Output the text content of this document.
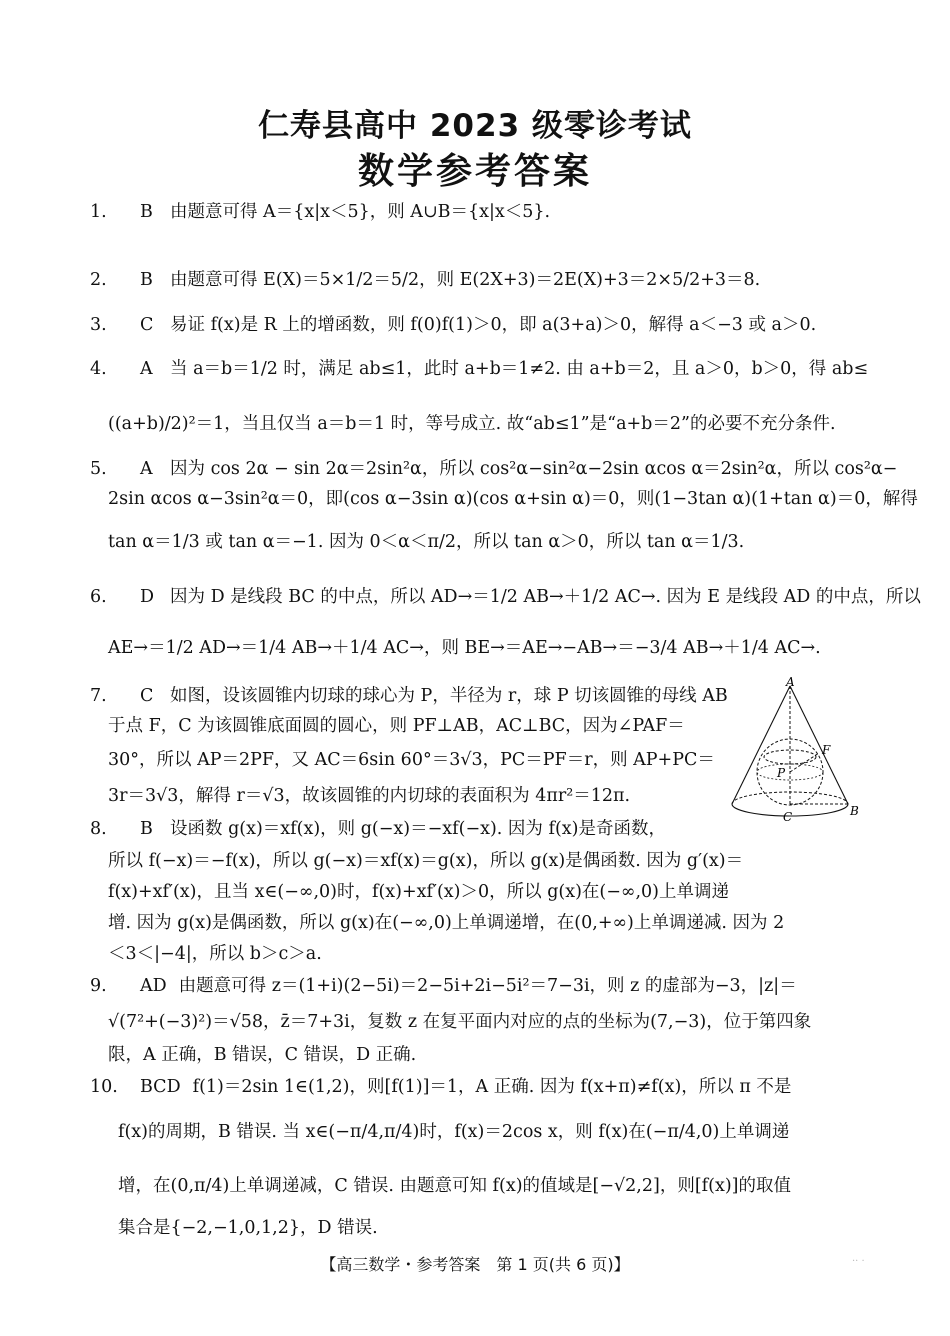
仁寿县高中 2023 级零诊考试
数学参考答案
1. B 由题意可得 A＝{x|x＜5}，则 A∪B＝{x|x＜5}.
2. B 由题意可得 E(X)＝5×1/2＝5/2，则 E(2X+3)＝2E(X)+3＝2×5/2+3＝8.
3. C 易证 f(x)是 R 上的增函数，则 f(0)f(1)＞0，即 a(3+a)＞0，解得 a＜−3 或 a＞0.
4. A 当 a＝b＝1/2 时，满足 ab≤1，此时 a+b＝1≠2. 由 a+b＝2，且 a＞0，b＞0，得 ab≤
((a+b)/2)²＝1，当且仅当 a＝b＝1 时，等号成立. 故“ab≤1”是“a+b＝2”的必要不充分条件.
5. A 因为 cos 2α − sin 2α＝2sin²α，所以 cos²α−sin²α−2sin αcos α＝2sin²α，所以 cos²α−
2sin αcos α−3sin²α＝0，即(cos α−3sin α)(cos α+sin α)＝0，则(1−3tan α)(1+tan α)＝0，解得
tan α＝1/3 或 tan α＝−1. 因为 0＜α＜π/2，所以 tan α＞0，所以 tan α＝1/3.
6. D 因为 D 是线段 BC 的中点，所以 AD→＝1/2 AB→＋1/2 AC→. 因为 E 是线段 AD 的中点，所以
AE→＝1/2 AD→＝1/4 AB→＋1/4 AC→，则 BE→＝AE→−AB→＝−3/4 AB→＋1/4 AC→.
7. C 如图，设该圆锥内切球的球心为 P，半径为 r，球 P 切该圆锥的母线 AB
于点 F，C 为该圆锥底面圆的圆心，则 PF⊥AB，AC⊥BC，因为∠PAF＝
30°，所以 AP＝2PF，又 AC＝6sin 60°＝3√3，PC＝PF＝r，则 AP+PC＝
3r＝3√3，解得 r＝√3，故该圆锥的内切球的表面积为 4πr²＝12π.
A
F
P
C	B
8. B 设函数 g(x)＝xf(x)，则 g(−x)＝−xf(−x). 因为 f(x)是奇函数，
所以 f(−x)＝−f(x)，所以 g(−x)＝xf(x)＝g(x)，所以 g(x)是偶函数. 因为 g′(x)＝
f(x)+xf′(x)，且当 x∈(−∞,0)时，f(x)+xf′(x)＞0，所以 g(x)在(−∞,0)上单调递
增. 因为 g(x)是偶函数，所以 g(x)在(−∞,0)上单调递增，在(0,+∞)上单调递减. 因为 2
＜3＜|−4|，所以 b＞c＞a.
9. AD 由题意可得 z＝(1+i)(2−5i)＝2−5i+2i−5i²＝7−3i，则 z 的虚部为−3，|z|＝
√(7²+(−3)²)＝√58，z̄＝7+3i，复数 z 在复平面内对应的点的坐标为(7,−3)，位于第四象
限，A 正确，B 错误，C 错误，D 正确.
10. BCD f(1)＝2sin 1∈(1,2)，则[f(1)]＝1，A 正确. 因为 f(x+π)≠f(x)，所以 π 不是
f(x)的周期，B 错误. 当 x∈(−π/4,π/4)时，f(x)＝2cos x，则 f(x)在(−π/4,0)上单调递
增，在(0,π/4)上单调递减，C 错误. 由题意可知 f(x)的值域是[−√2,2]，则[f(x)]的取值
集合是{−2,−1,0,1,2}，D 错误.
【高三数学・参考答案　第 1 页(共 6 页)】	·· ·
